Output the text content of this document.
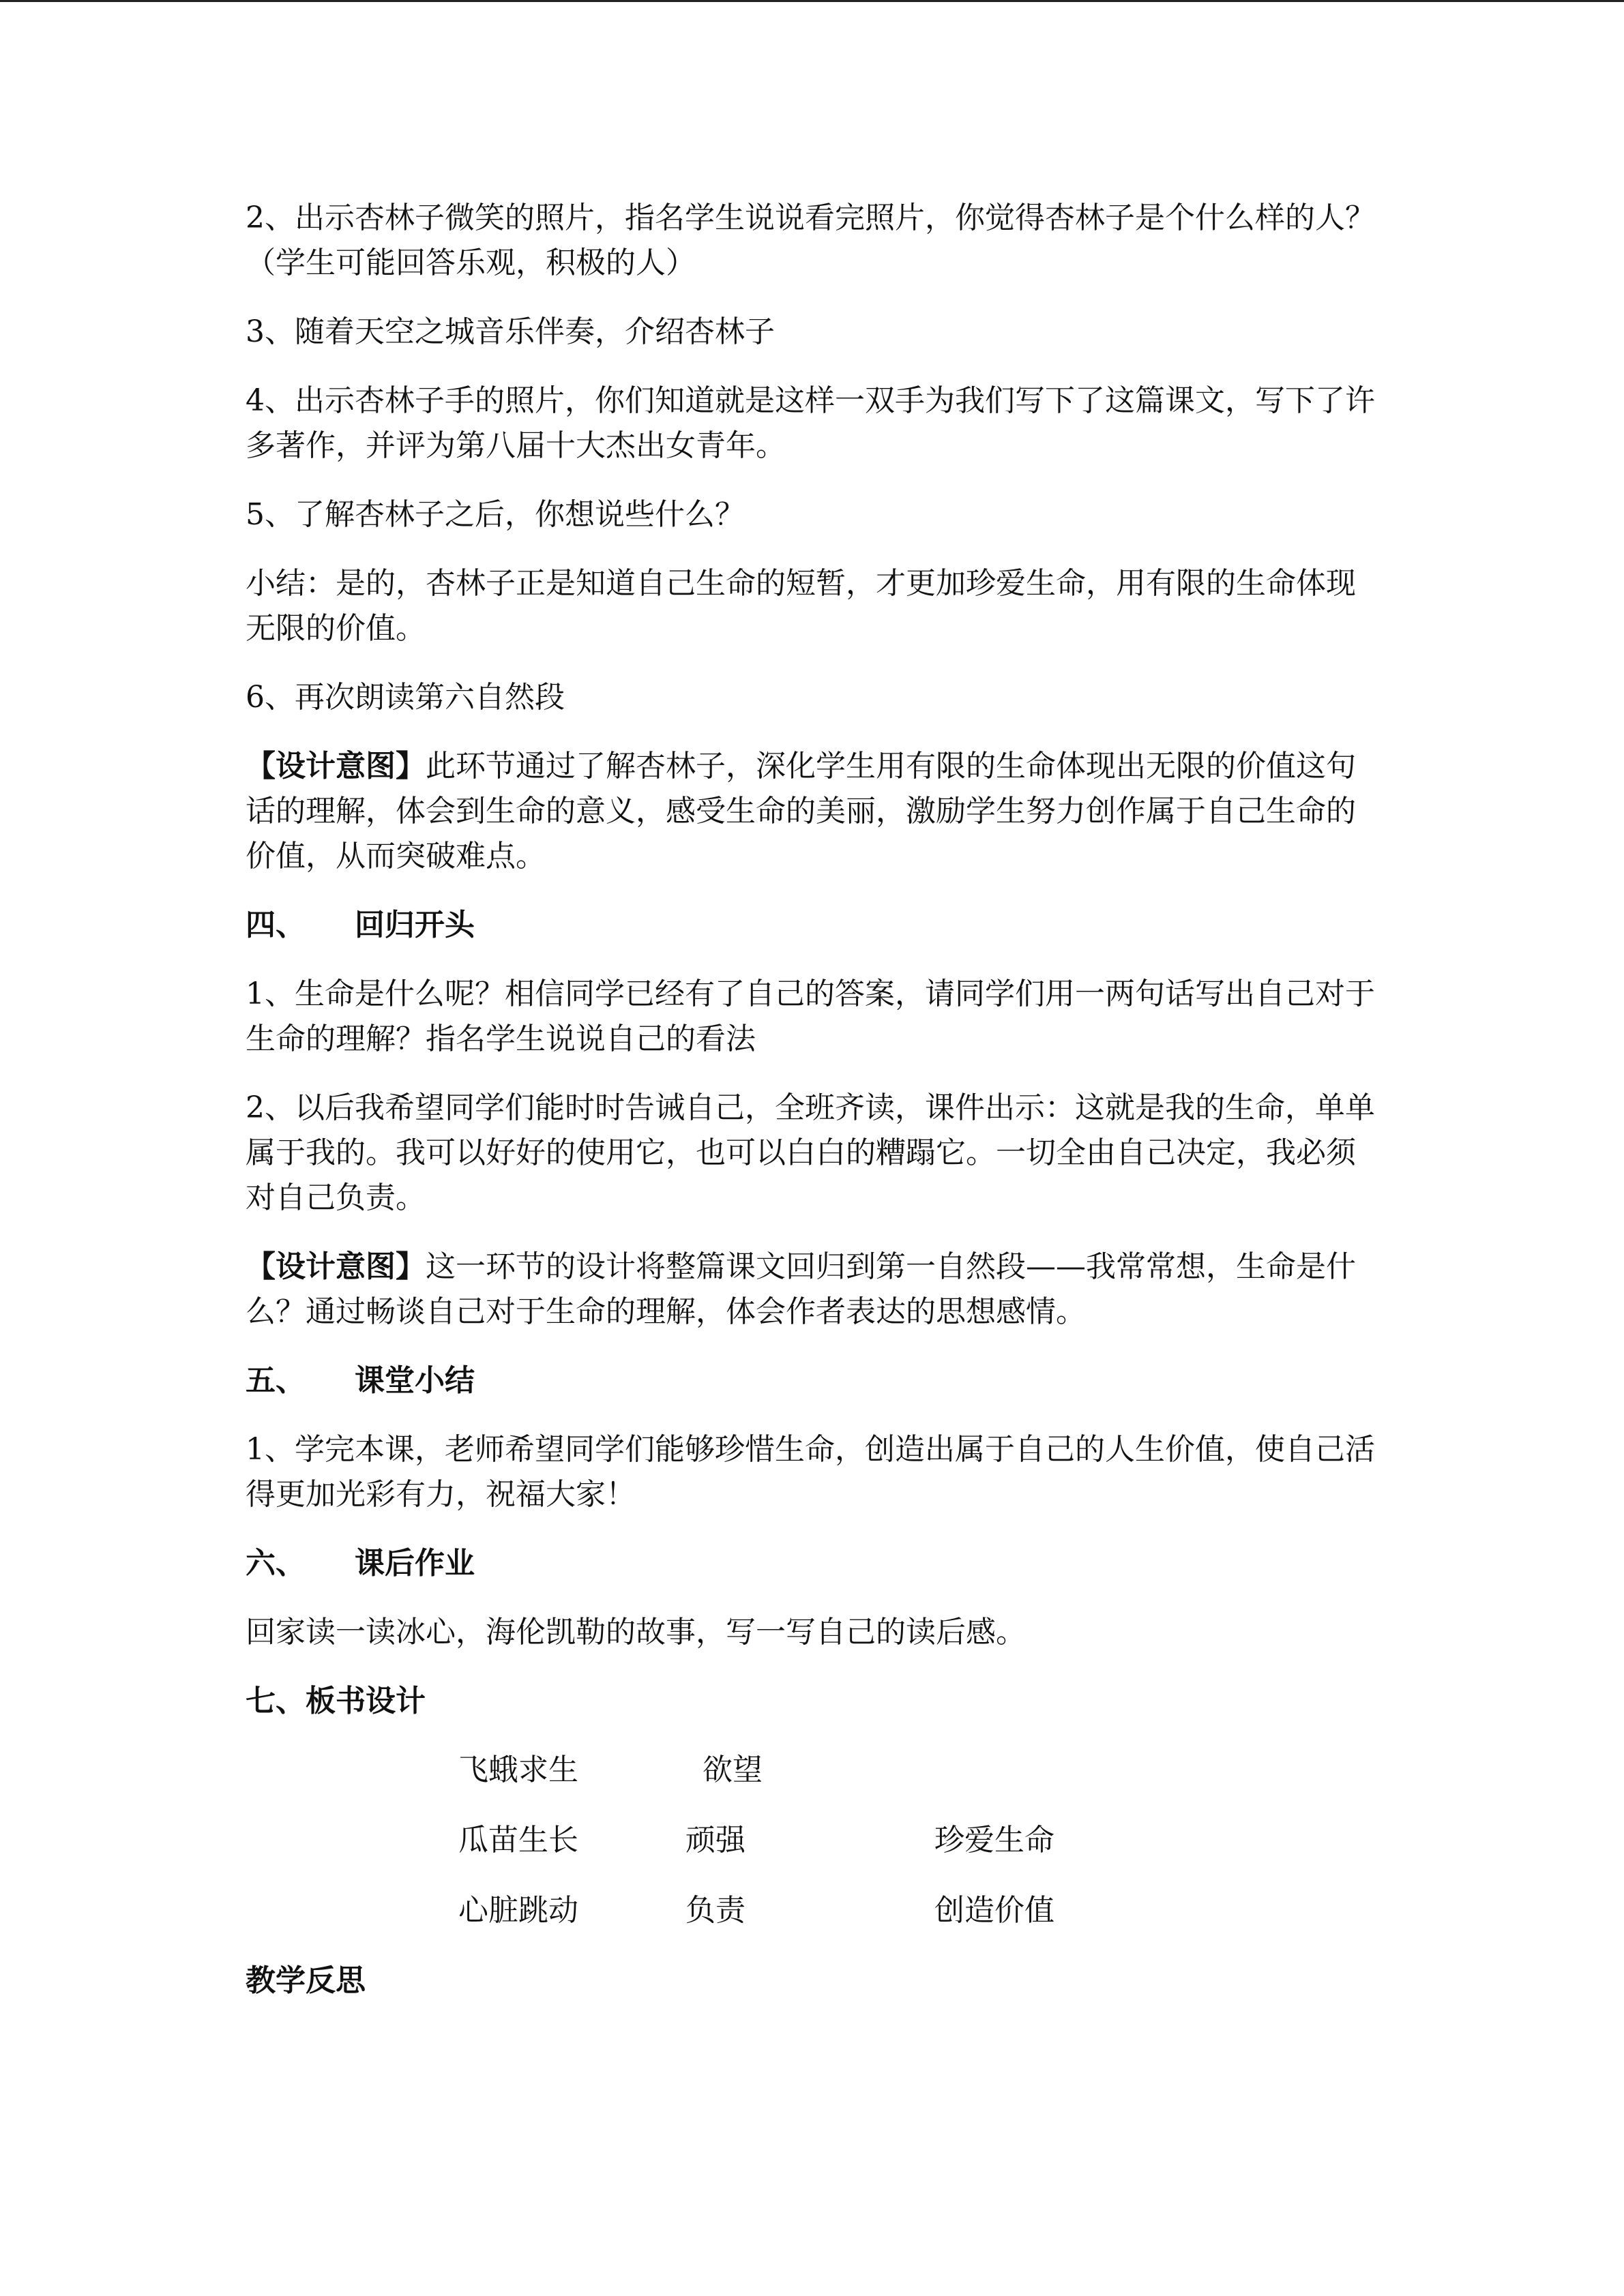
2、出示杏林子微笑的照片，指名学生说说看完照片，你觉得杏林子是个什么样的人？（学生可能回答乐观，积极的人）

3、随着天空之城音乐伴奏，介绍杏林子

4、出示杏林子手的照片，你们知道就是这样一双手为我们写下了这篇课文，写下了许多著作，并评为第八届十大杰出女青年。

5、了解杏林子之后，你想说些什么？

小结：是的，杏林子正是知道自己生命的短暂，才更加珍爱生命，用有限的生命体现无限的价值。

6、再次朗读第六自然段

【设计意图】此环节通过了解杏林子，深化学生用有限的生命体现出无限的价值这句话的理解，体会到生命的意义，感受生命的美丽，激励学生努力创作属于自己生命的价值，从而突破难点。

四、 回归开头

1、生命是什么呢？相信同学已经有了自己的答案，请同学们用一两句话写出自己对于生命的理解？指名学生说说自己的看法

2、以后我希望同学们能时时告诫自己，全班齐读，课件出示：这就是我的生命，单单属于我的。我可以好好的使用它，也可以白白的糟蹋它。一切全由自己决定，我必须对自己负责。

【设计意图】这一环节的设计将整篇课文回归到第一自然段——我常常想，生命是什么？通过畅谈自己对于生命的理解，体会作者表达的思想感情。

五、 课堂小结

1、学完本课，老师希望同学们能够珍惜生命，创造出属于自己的人生价值，使自己活得更加光彩有力，祝福大家！

六、 课后作业

回家读一读冰心，海伦凯勒的故事，写一写自己的读后感。

七、板书设计

飞蛾求生	欲望
瓜苗生长	顽强	珍爱生命
心脏跳动	负责	创造价值

教学反思
